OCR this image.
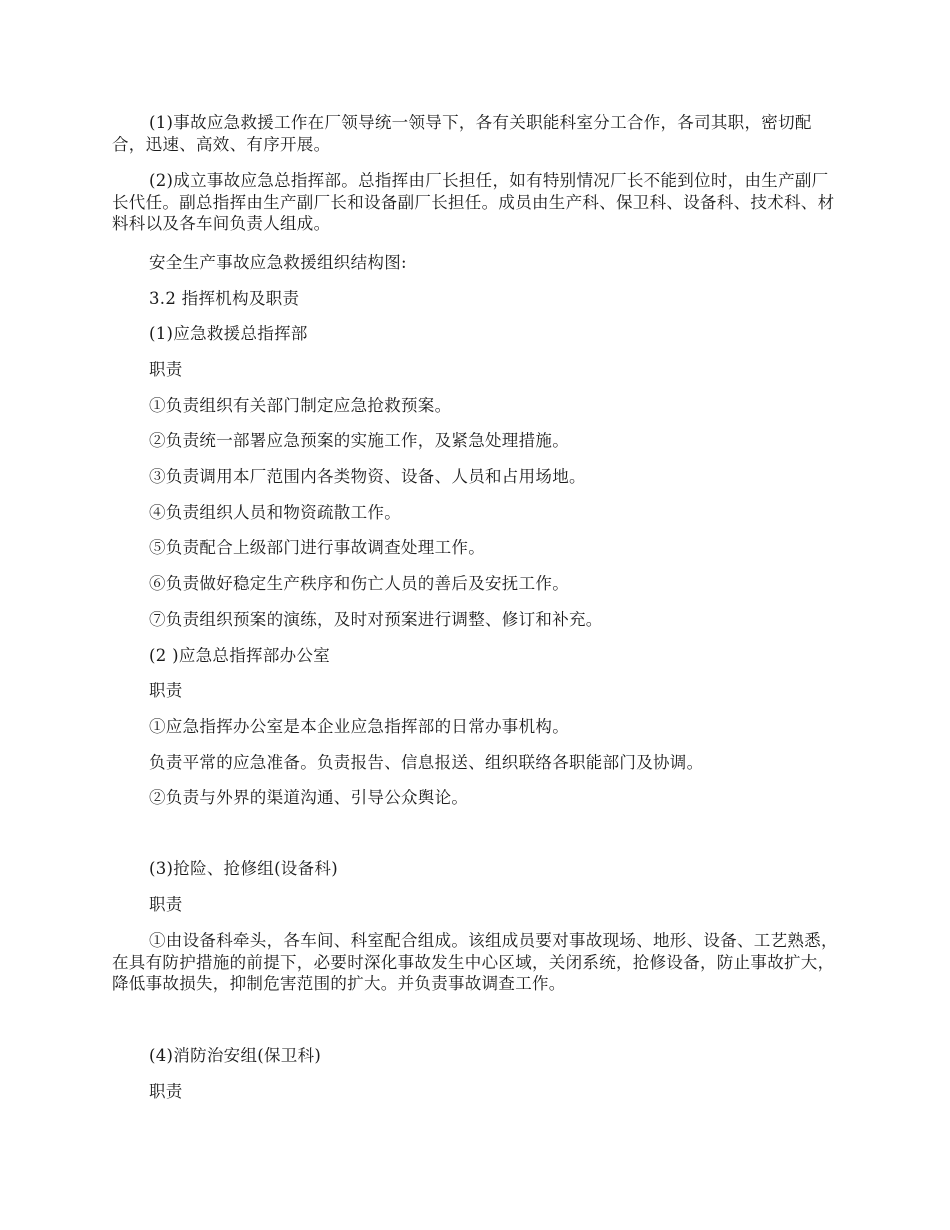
(1)事故应急救援工作在厂领导统一领导下，各有关职能科室分工合作，各司其职，密切配合，迅速、高效、有序开展。

(2)成立事故应急总指挥部。总指挥由厂长担任，如有特别情况厂长不能到位时，由生产副厂长代任。副总指挥由生产副厂长和设备副厂长担任。成员由生产科、保卫科、设备科、技术科、材料科以及各车间负责人组成。

安全生产事故应急救援组织结构图:

3.2 指挥机构及职责

(1)应急救援总指挥部

职责

①负责组织有关部门制定应急抢救预案。

②负责统一部署应急预案的实施工作，及紧急处理措施。

③负责调用本厂范围内各类物资、设备、人员和占用场地。

④负责组织人员和物资疏散工作。

⑤负责配合上级部门进行事故调查处理工作。

⑥负责做好稳定生产秩序和伤亡人员的善后及安抚工作。

⑦负责组织预案的演练，及时对预案进行调整、修订和补充。

(2 )应急总指挥部办公室

职责

①应急指挥办公室是本企业应急指挥部的日常办事机构。

负责平常的应急准备。负责报告、信息报送、组织联络各职能部门及协调。

②负责与外界的渠道沟通、引导公众舆论。

(3)抢险、抢修组(设备科)

职责

①由设备科牵头，各车间、科室配合组成。该组成员要对事故现场、地形、设备、工艺熟悉，在具有防护措施的前提下，必要时深化事故发生中心区域，关闭系统，抢修设备，防止事故扩大，降低事故损失，抑制危害范围的扩大。并负责事故调查工作。

(4)消防治安组(保卫科)

职责
